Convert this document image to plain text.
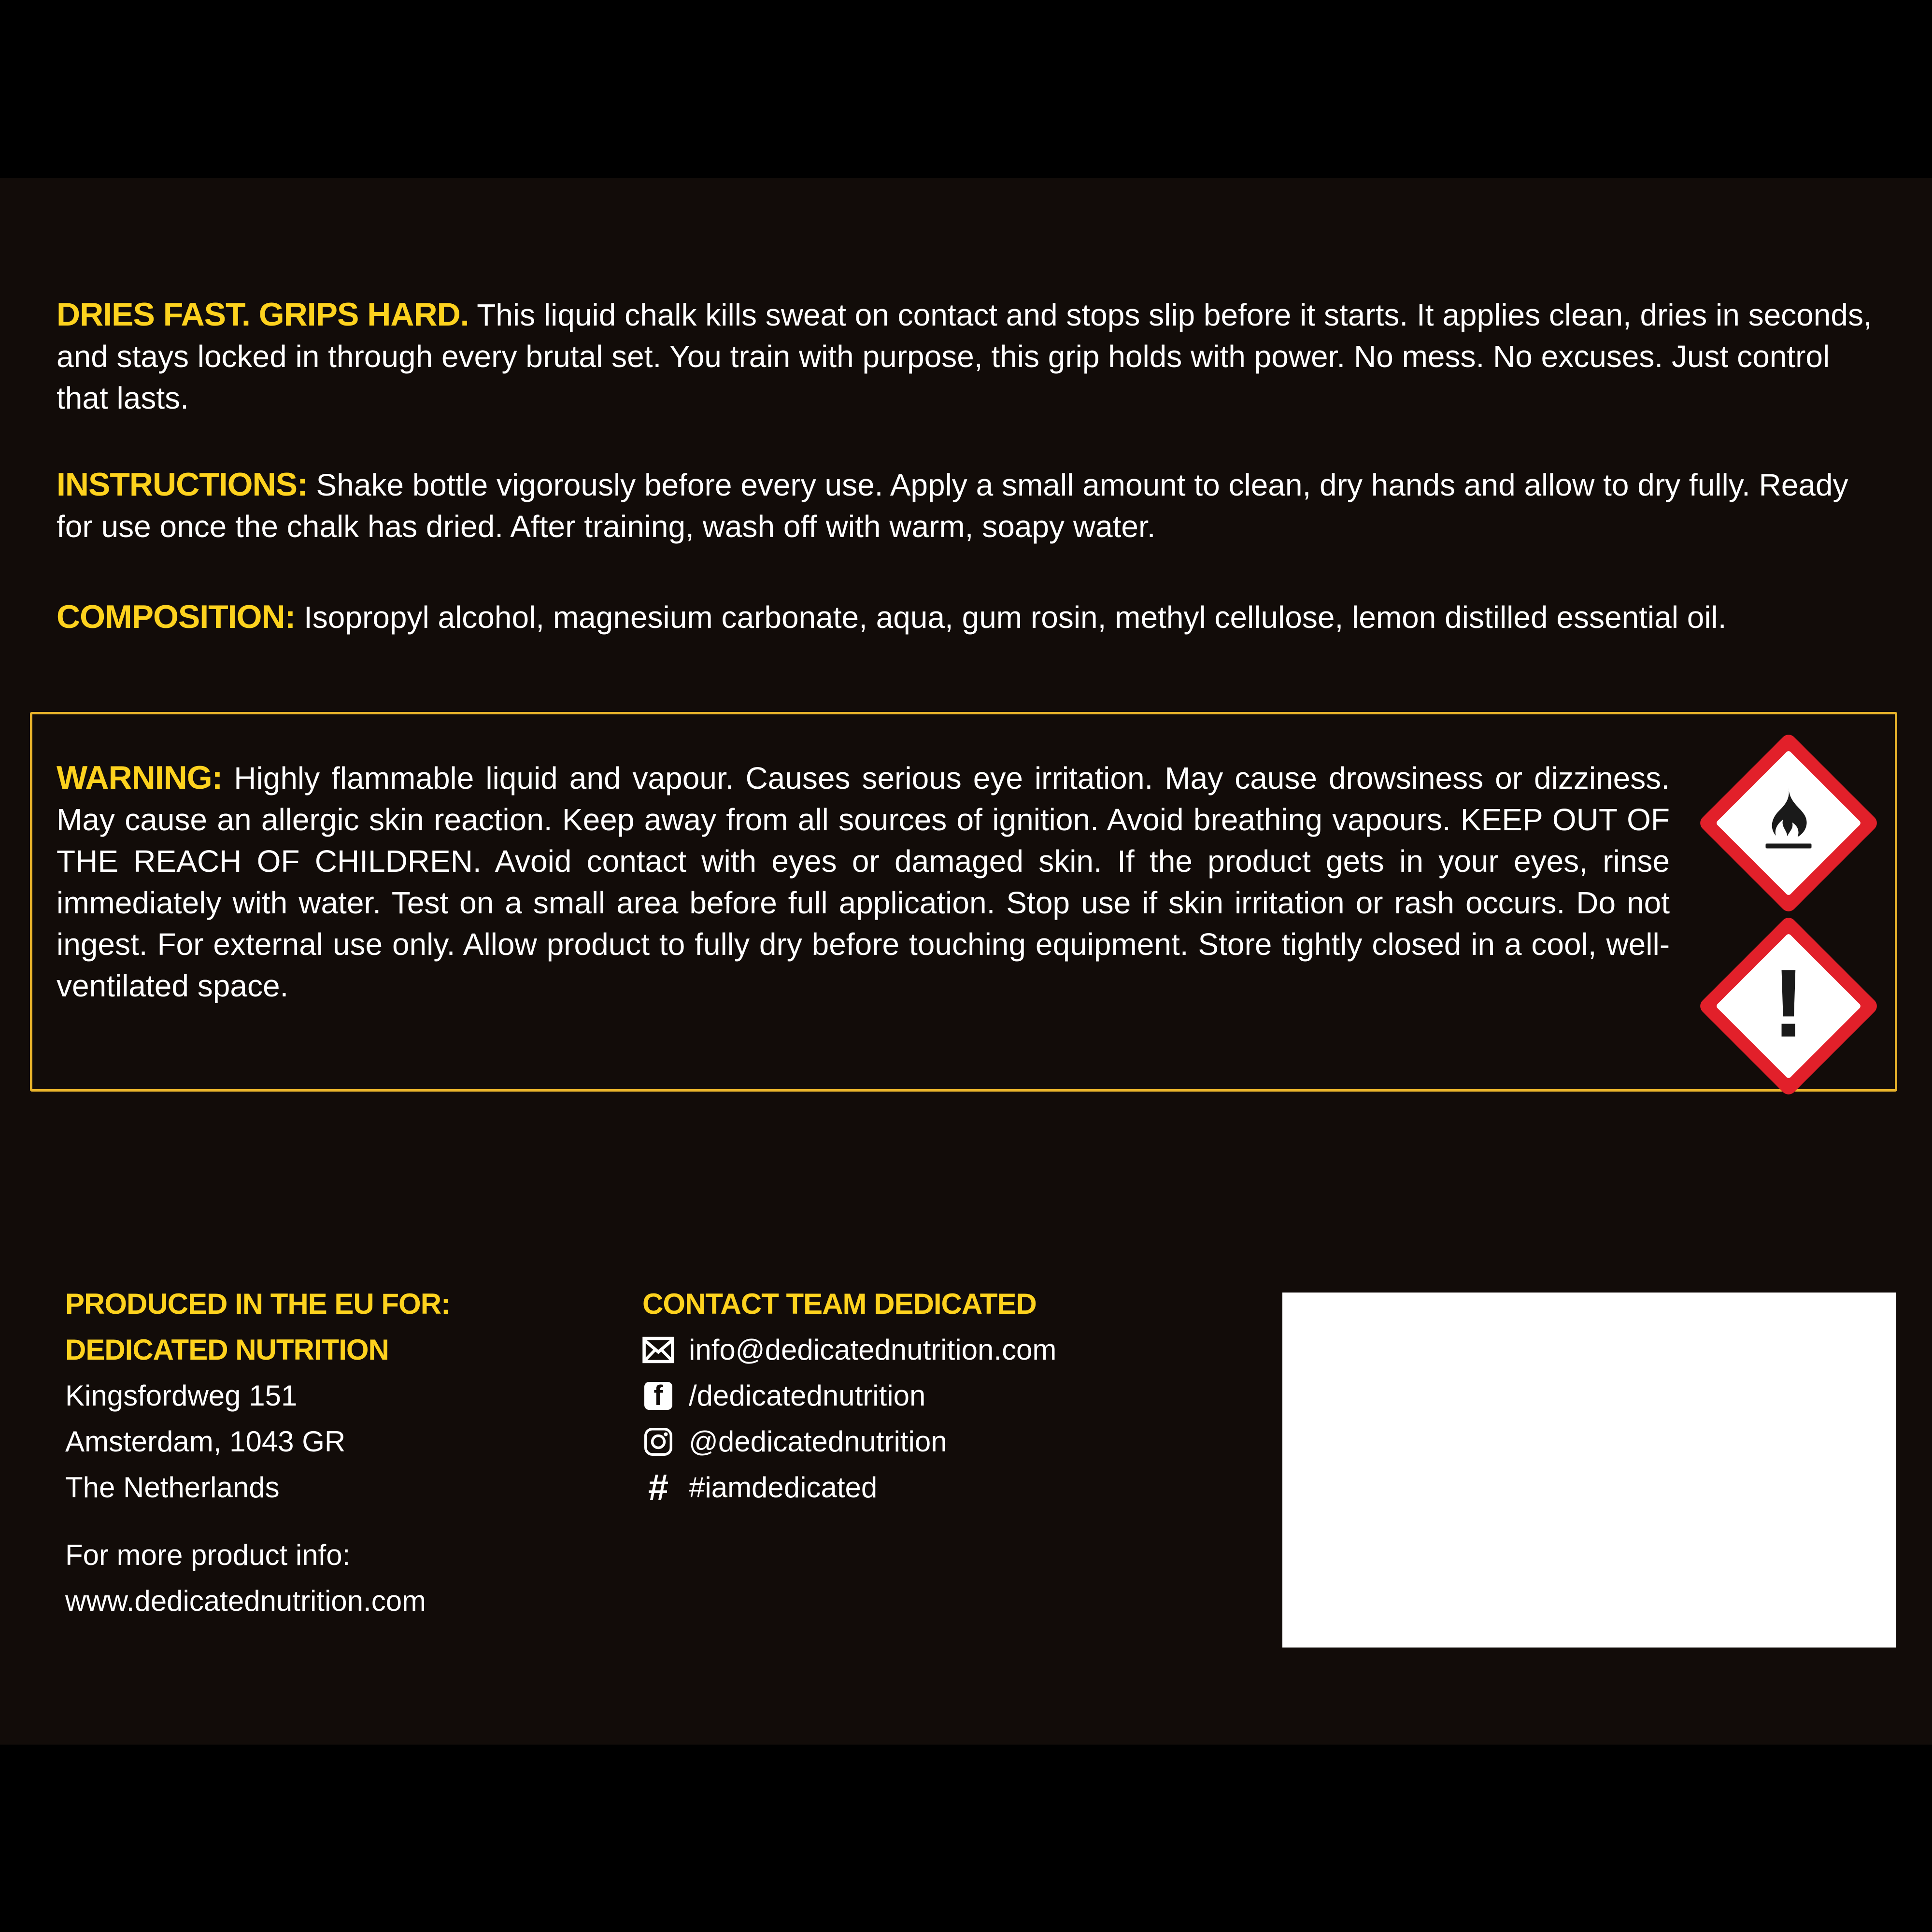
DRIES FAST. GRIPS HARD. This liquid chalk kills sweat on contact and stops slip before it starts. It applies clean, dries in seconds, and stays locked in through every brutal set. You train with purpose, this grip holds with power. No mess. No excuses. Just control that lasts.

INSTRUCTIONS: Shake bottle vigorously before every use. Apply a small amount to clean, dry hands and allow to dry fully. Ready for use once the chalk has dried. After training, wash off with warm, soapy water.

COMPOSITION: Isopropyl alcohol, magnesium carbonate, aqua, gum rosin, methyl cellulose, lemon distilled essential oil.

WARNING: Highly flammable liquid and vapour. Causes serious eye irritation. May cause drowsiness or dizziness. May cause an allergic skin reaction. Keep away from all sources of ignition. Avoid breathing vapours. KEEP OUT OF THE REACH OF CHILDREN. Avoid contact with eyes or damaged skin. If the product gets in your eyes, rinse immediately with water. Test on a small area before full application. Stop use if skin irritation or rash occurs. Do not ingest. For external use only. Allow product to fully dry before touching equipment. Store tightly closed in a cool, well-ventilated space.	!
PRODUCED IN THE EU FOR:
DEDICATED NUTRITION
Kingsfordweg 151
Amsterdam, 1043 GR
The Netherlands
For more product info:
www.dedicatednutrition.com
CONTACT TEAM DEDICATED
info@dedicatednutrition.com
f /dedicatednutrition
@dedicatednutrition
# #iamdedicated
